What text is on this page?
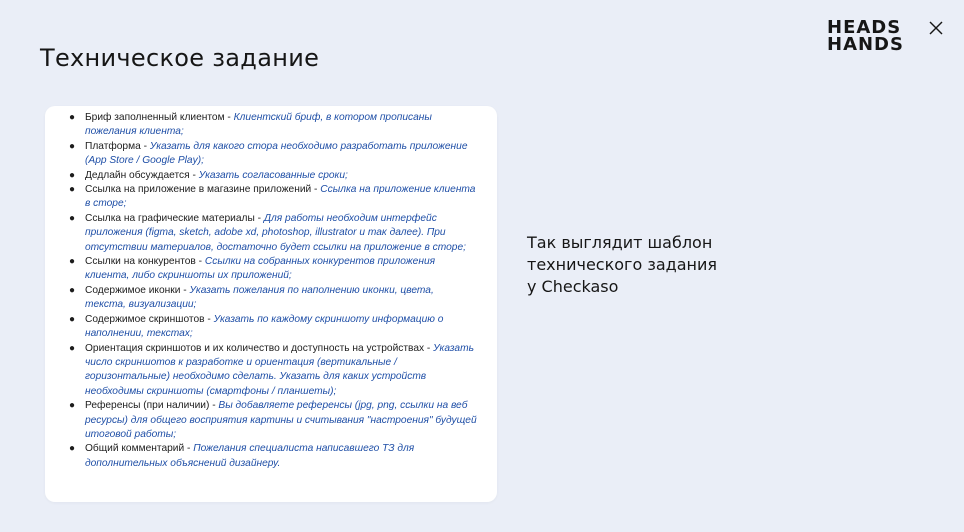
Техническое задание
HEADS
HANDS
● Бриф заполненный клиентом - Клиентский бриф, в котором прописаны пожелания клиента;
● Платформа - Указать для какого стора необходимо разработать приложение (App Store / Google Play);
● Дедлайн обсуждается - Указать согласованные сроки;
● Ссылка на приложение в магазине приложений - Ссылка на приложение клиента в сторе;
● Ссылка на графические материалы - Для работы необходим интерфейс приложения (figma, sketch, adobe xd, photoshop, illustrator и так далее). При отсутствии материалов, достаточно будет ссылки на приложение в сторе;
● Ссылки на конкурентов - Ссылки на собранных конкурентов приложения клиента, либо скриншоты их приложений;
● Содержимое иконки - Указать пожелания по наполнению иконки, цвета, текста, визуализации;
● Содержимое скриншотов - Указать по каждому скриншоту информацию о наполнении, текстах;
● Ориентация скриншотов и их количество и доступность на устройствах - Указать число скриншотов к разработке и ориентация (вертикальные / горизонтальные) необходимо сделать. Указать для каких устройств необходимы скриншоты (смартфоны / планшеты);
● Референсы (при наличии) - Вы добавляете референсы (jpg, png, ссылки на веб ресурсы) для общего восприятия картины и считывания "настроения" будущей итоговой работы;
● Общий комментарий - Пожелания специалиста написавшего ТЗ для дополнительных объяснений дизайнеру.
Так выглядит шаблон
технического задания
у Checkaso
